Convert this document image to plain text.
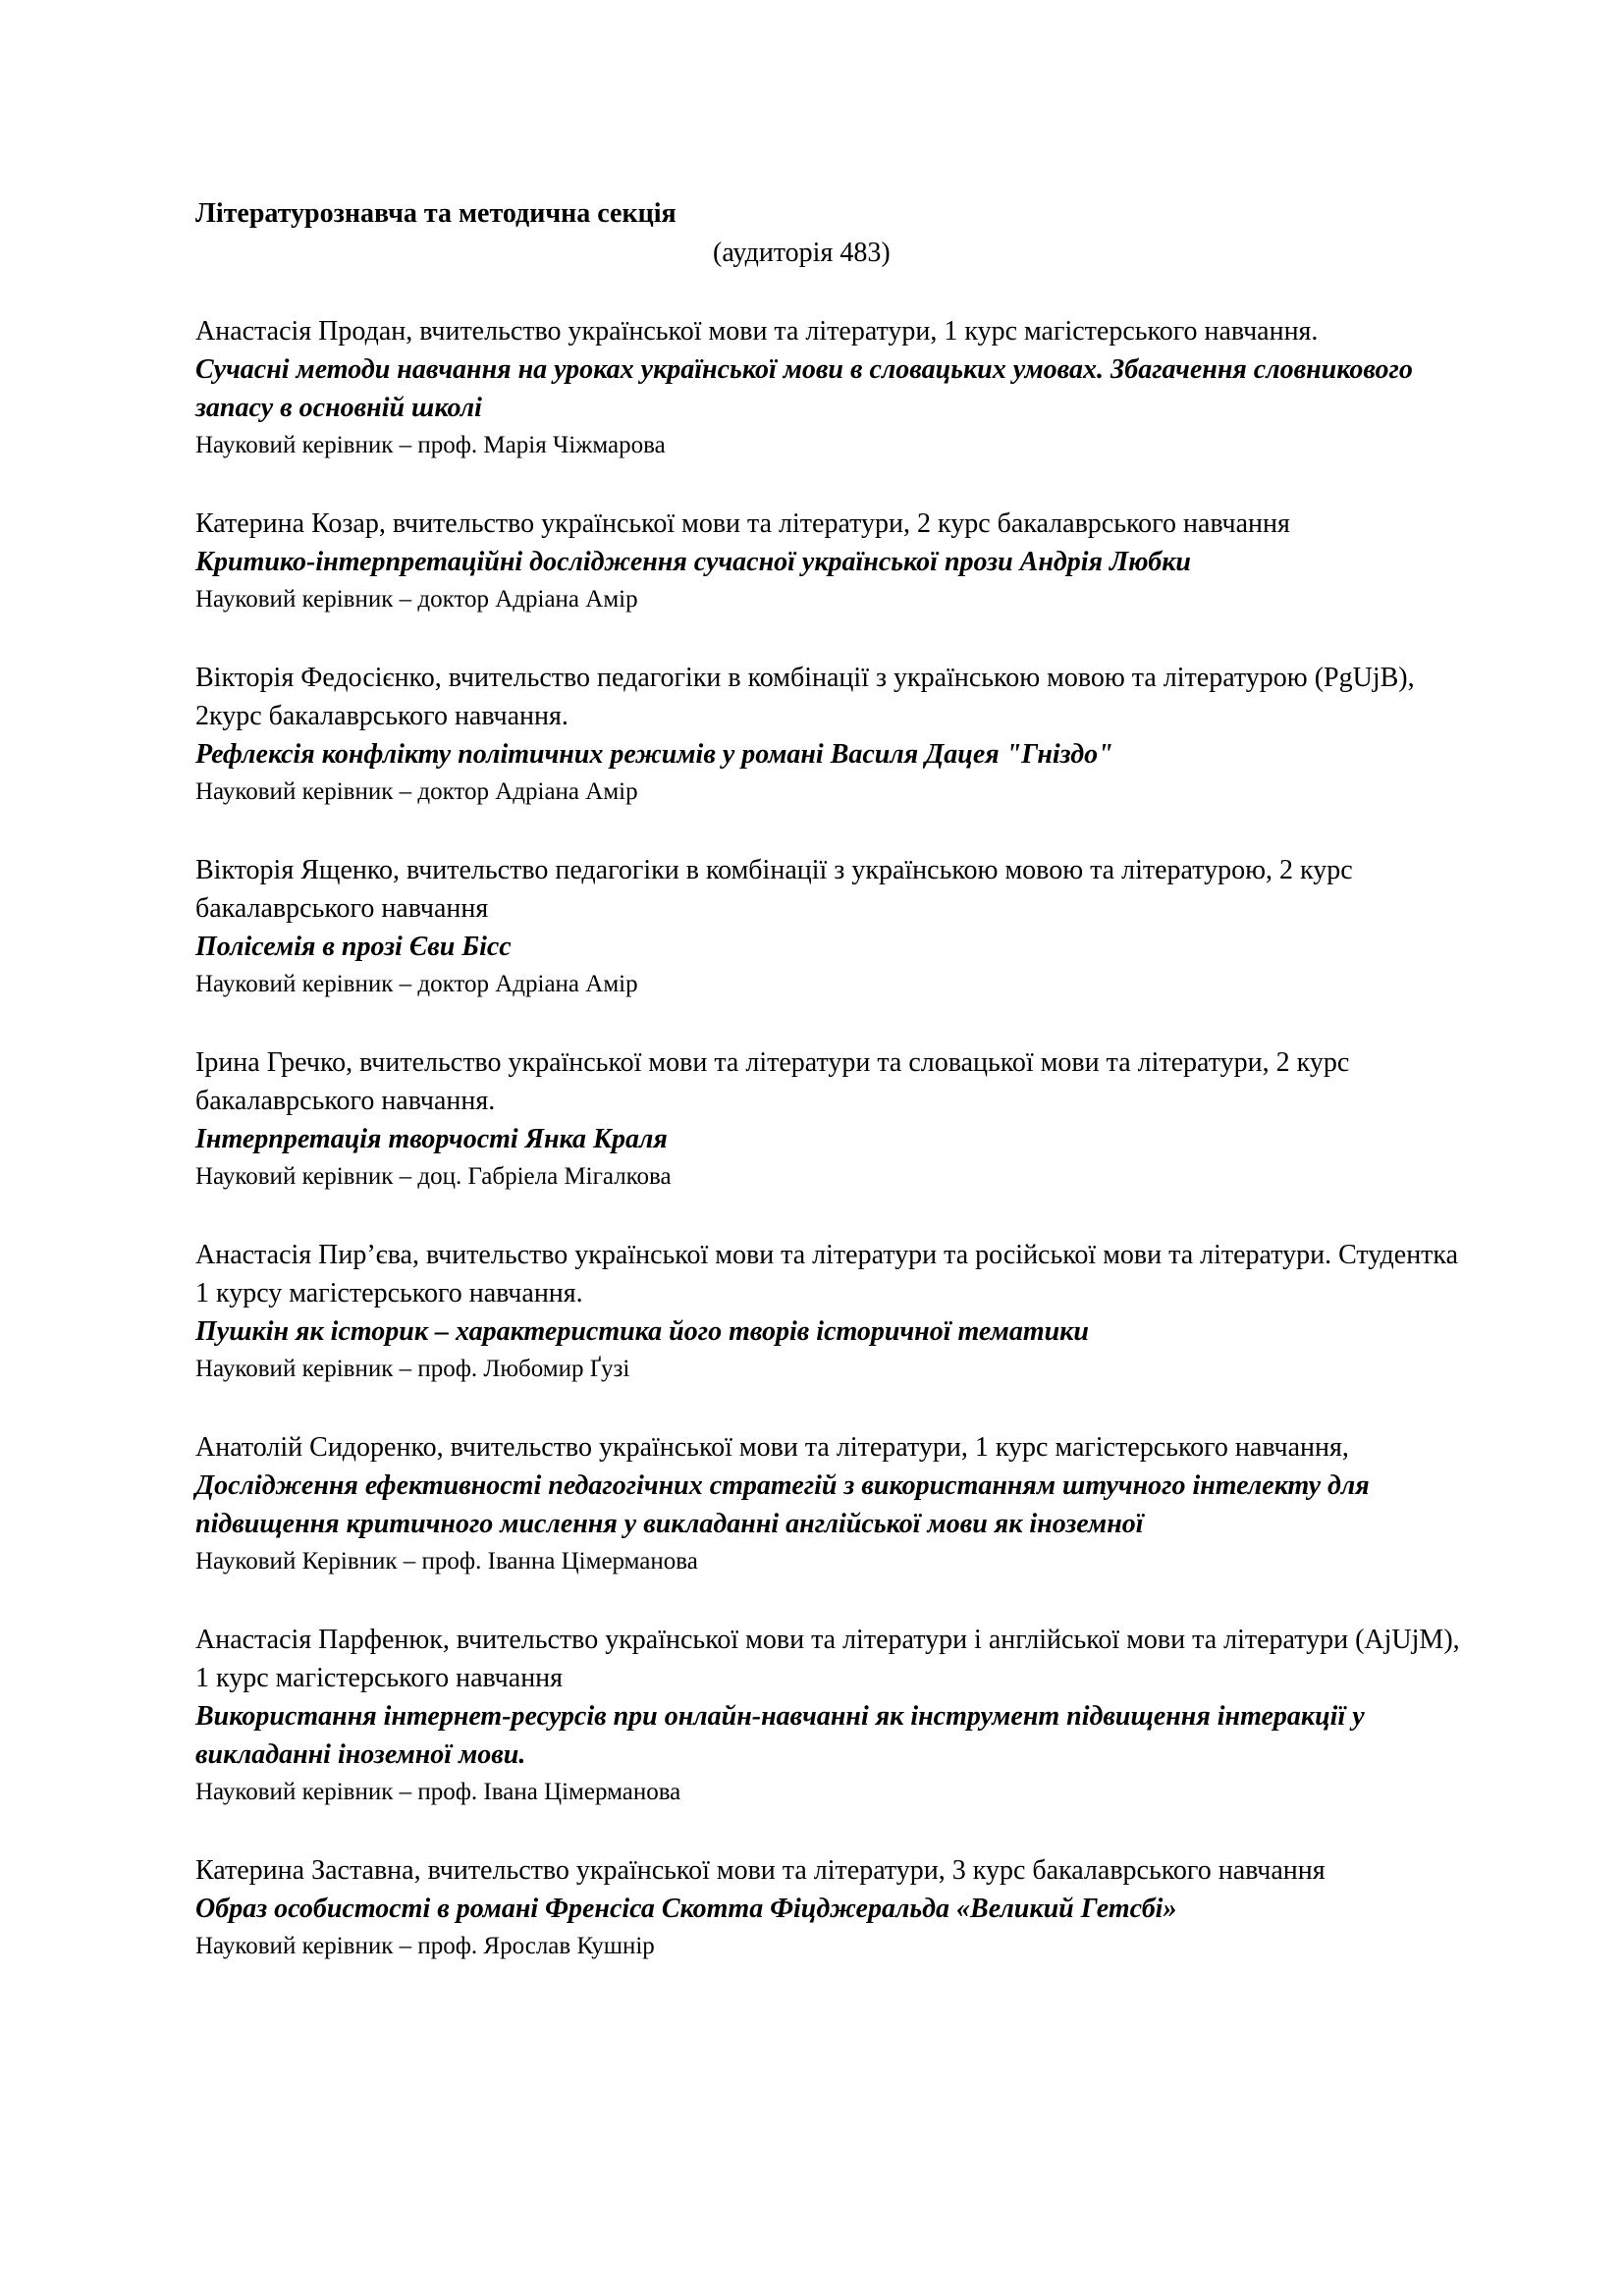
Літературознавча та методична секція

(аудиторія 483)

Анастасія Продан, вчительство української мови та літератури, 1 курс магістерського навчання.

Сучасні методи навчання на уроках української мови в словацьких умовах. Збагачення словникового запасу в основній школі

Науковий керівник – проф. Марія Чіжмарова

Катерина Козар, вчительство української мови та літератури, 2 курс бакалаврського навчання

Критико-інтерпретаційні дослідження сучасної української прози Андрія Любки

Науковий керівник – доктор Адріана Амір

Вікторія Федосієнко, вчительство педагогіки в комбінації з українською мовою та літературою (PgUjB), 2курс бакалаврського навчання.

Рефлексія конфлікту політичних режимів у романі Василя Дацея "Гніздо"

Науковий керівник – доктор Адріана Амір

Вікторія Ященко, вчительство педагогіки в комбінації з українською мовою та літературою, 2 курс бакалаврського навчання

Полісемія в прозі Єви Бісс

Науковий керівник – доктор Адріана Амір

Ірина Гречко, вчительство української мови та літератури та словацької мови та літератури, 2 курс бакалаврського навчання.

Інтерпретація творчості Янка Краля

Науковий керівник – доц. Габріела Мігалкова

Анастасія Пир’єва, вчительство української мови та літератури та російської мови та літератури. Студентка 1 курсу магістерського навчання.

Пушкін як історик – характеристика його творів історичної тематики

Науковий керівник – проф. Любомир Ґузі

Анатолій Сидоренко, вчительство української мови та літератури, 1 курс магістерського навчання,

Дослідження ефективності педагогічних стратегій з використанням штучного інтелекту для підвищення критичного мислення у викладанні англійської мови як іноземної

Науковий Керівник – проф. Іванна Цімерманова

Анастасія Парфенюк, вчительство української мови та літератури і англійської мови та літератури (AjUjM), 1 курс магістерського навчання

Використання інтернет-ресурсів при онлайн-навчанні як інструмент підвищення інтеракції у викладанні іноземної мови.

Науковий керівник – проф. Івана Цімерманова

Катерина Заставна, вчительство української мови та літератури, 3 курс бакалаврського навчання

Образ особистості в романі Френсіса Скотта Фіцджеральда «Великий Гетсбі»

Науковий керівник – проф. Ярослав Кушнір
